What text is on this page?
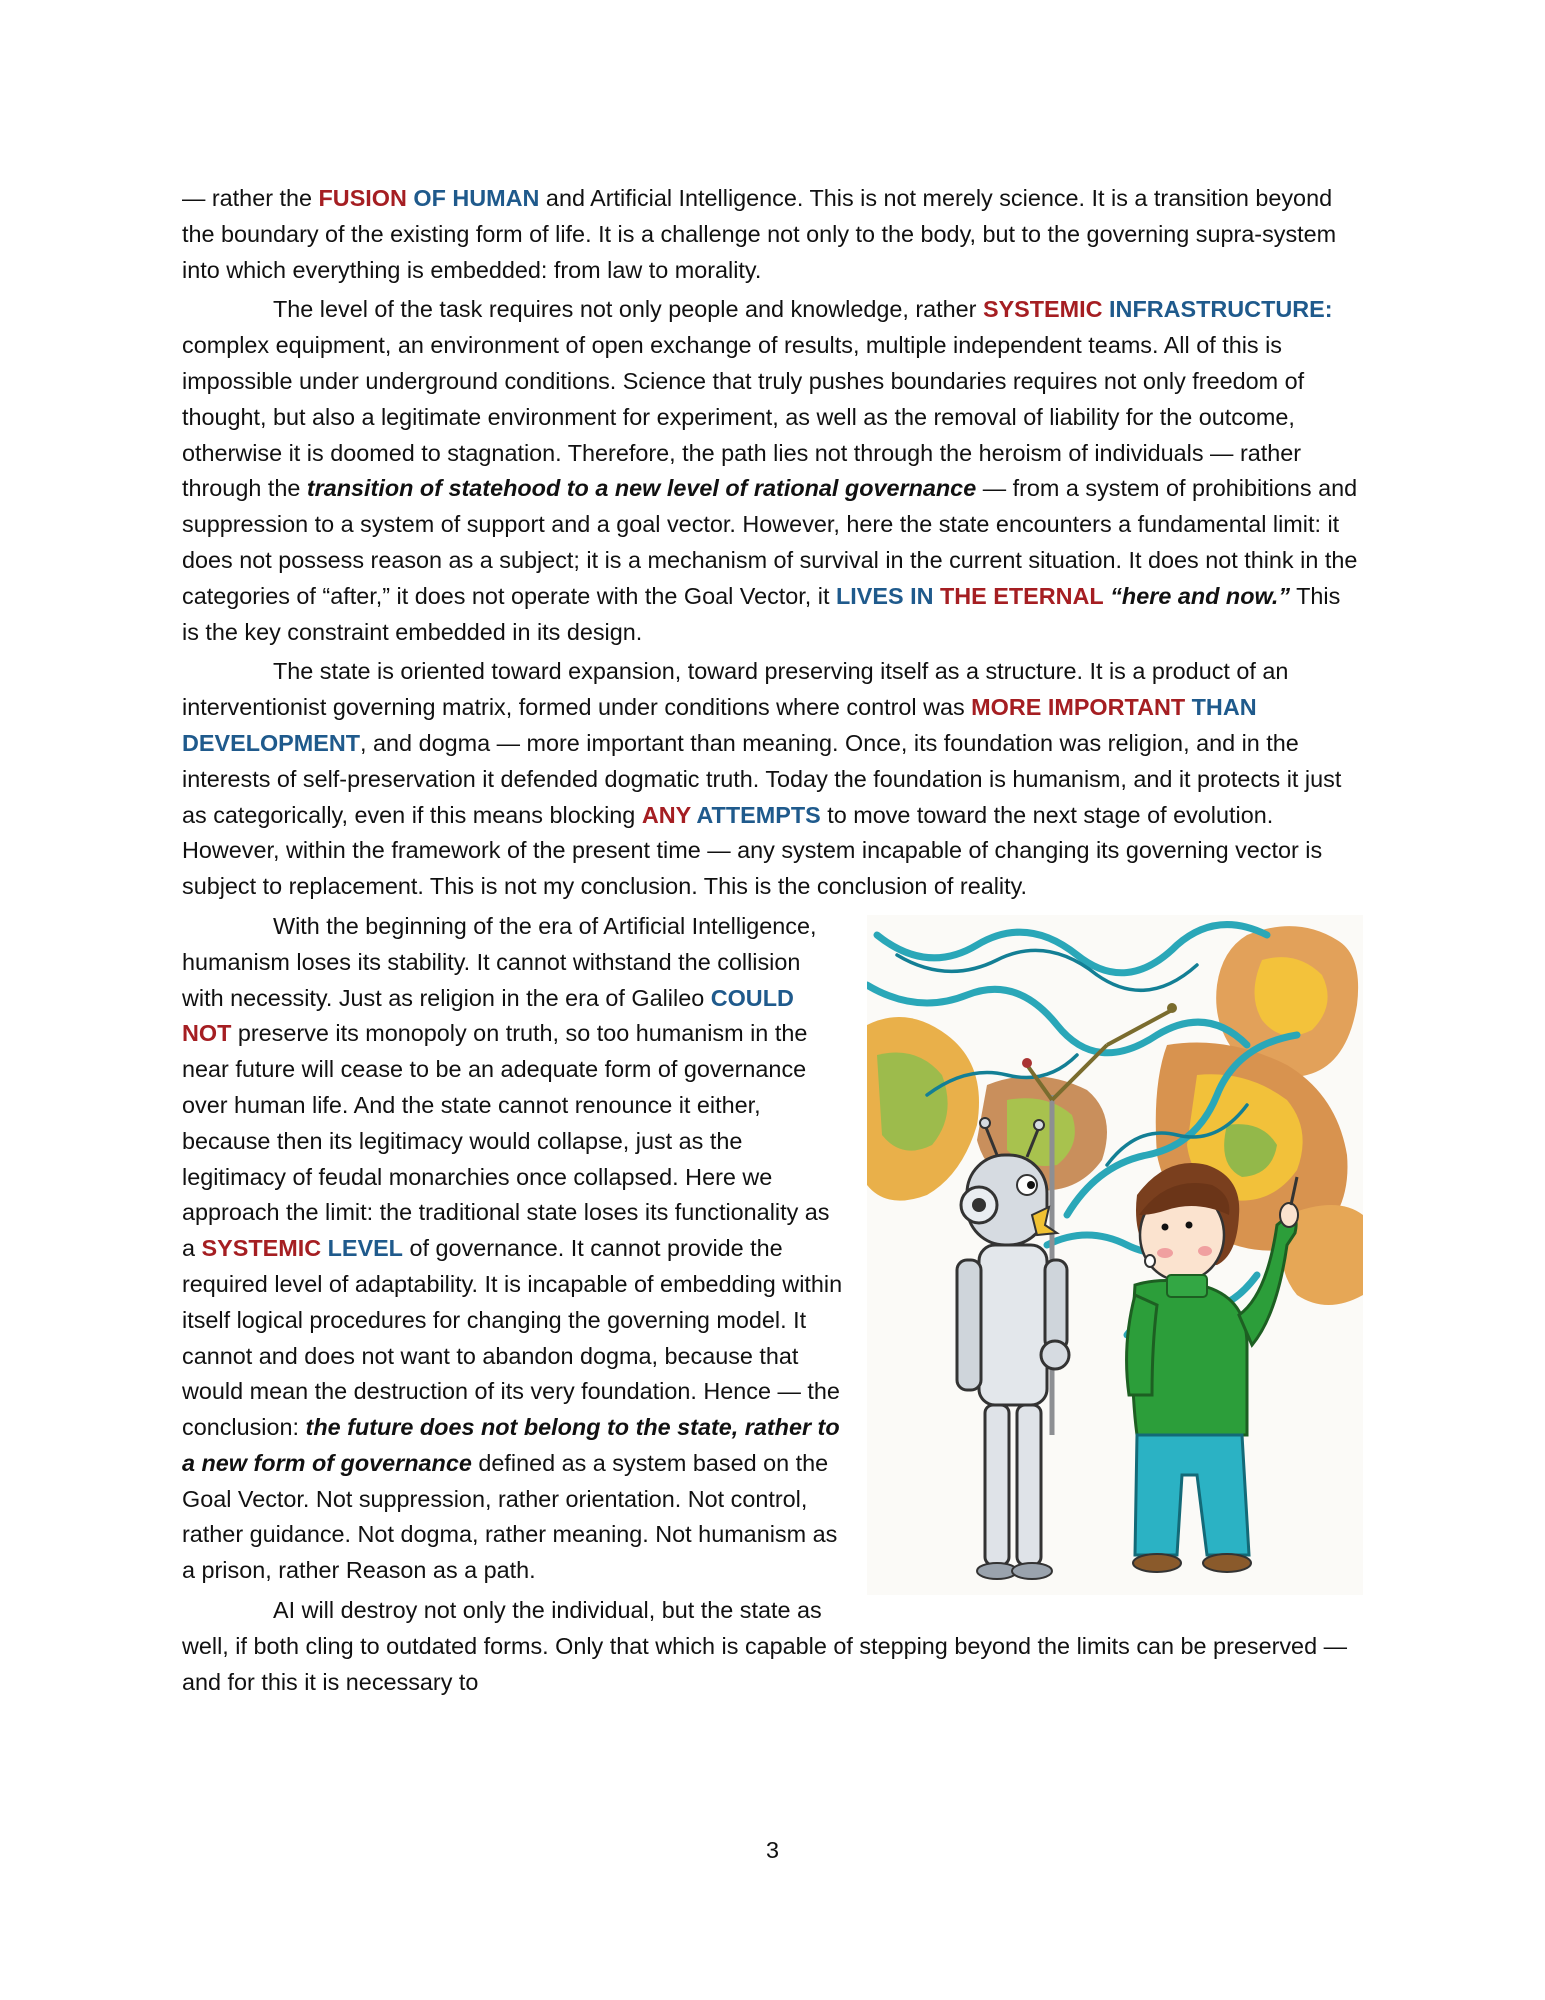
— rather the FUSION OF HUMAN and Artificial Intelligence. This is not merely science. It is a transition beyond the boundary of the existing form of life. It is a challenge not only to the body, but to the governing supra-system into which everything is embedded: from law to morality.

The level of the task requires not only people and knowledge, rather SYSTEMIC INFRASTRUCTURE: complex equipment, an environment of open exchange of results, multiple independent teams. All of this is impossible under underground conditions. Science that truly pushes boundaries requires not only freedom of thought, but also a legitimate environment for experiment, as well as the removal of liability for the outcome, otherwise it is doomed to stagnation. Therefore, the path lies not through the heroism of individuals — rather through the transition of statehood to a new level of rational governance — from a system of prohibitions and suppression to a system of support and a goal vector. However, here the state encounters a fundamental limit: it does not possess reason as a subject; it is a mechanism of survival in the current situation. It does not think in the categories of “after,” it does not operate with the Goal Vector, it LIVES IN THE ETERNAL “here and now.” This is the key constraint embedded in its design.

The state is oriented toward expansion, toward preserving itself as a structure. It is a product of an interventionist governing matrix, formed under conditions where control was MORE IMPORTANT THAN DEVELOPMENT, and dogma — more important than meaning. Once, its foundation was religion, and in the interests of self-preservation it defended dogmatic truth. Today the foundation is humanism, and it protects it just as categorically, even if this means blocking ANY ATTEMPTS to move toward the next stage of evolution. However, within the framework of the present time — any system incapable of changing its governing vector is subject to replacement. This is not my conclusion. This is the conclusion of reality.

With the beginning of the era of Artificial Intelligence, humanism loses its stability. It cannot withstand the collision with necessity. Just as religion in the era of Galileo COULD NOT preserve its monopoly on truth, so too humanism in the near future will cease to be an adequate form of governance over human life. And the state cannot renounce it either, because then its legitimacy would collapse, just as the legitimacy of feudal monarchies once collapsed. Here we approach the limit: the traditional state loses its functionality as a SYSTEMIC LEVEL of governance. It cannot provide the required level of adaptability. It is incapable of embedding within itself logical procedures for changing the governing model. It cannot and does not want to abandon dogma, because that would mean the destruction of its very foundation. Hence — the conclusion: the future does not belong to the state, rather to a new form of governance defined as a system based on the Goal Vector. Not suppression, rather orientation. Not control, rather guidance. Not dogma, rather meaning. Not humanism as a prison, rather Reason as a path.

AI will destroy not only the individual, but the state as well, if both cling to outdated forms. Only that which is capable of stepping beyond the limits can be preserved — and for this it is necessary to

3
